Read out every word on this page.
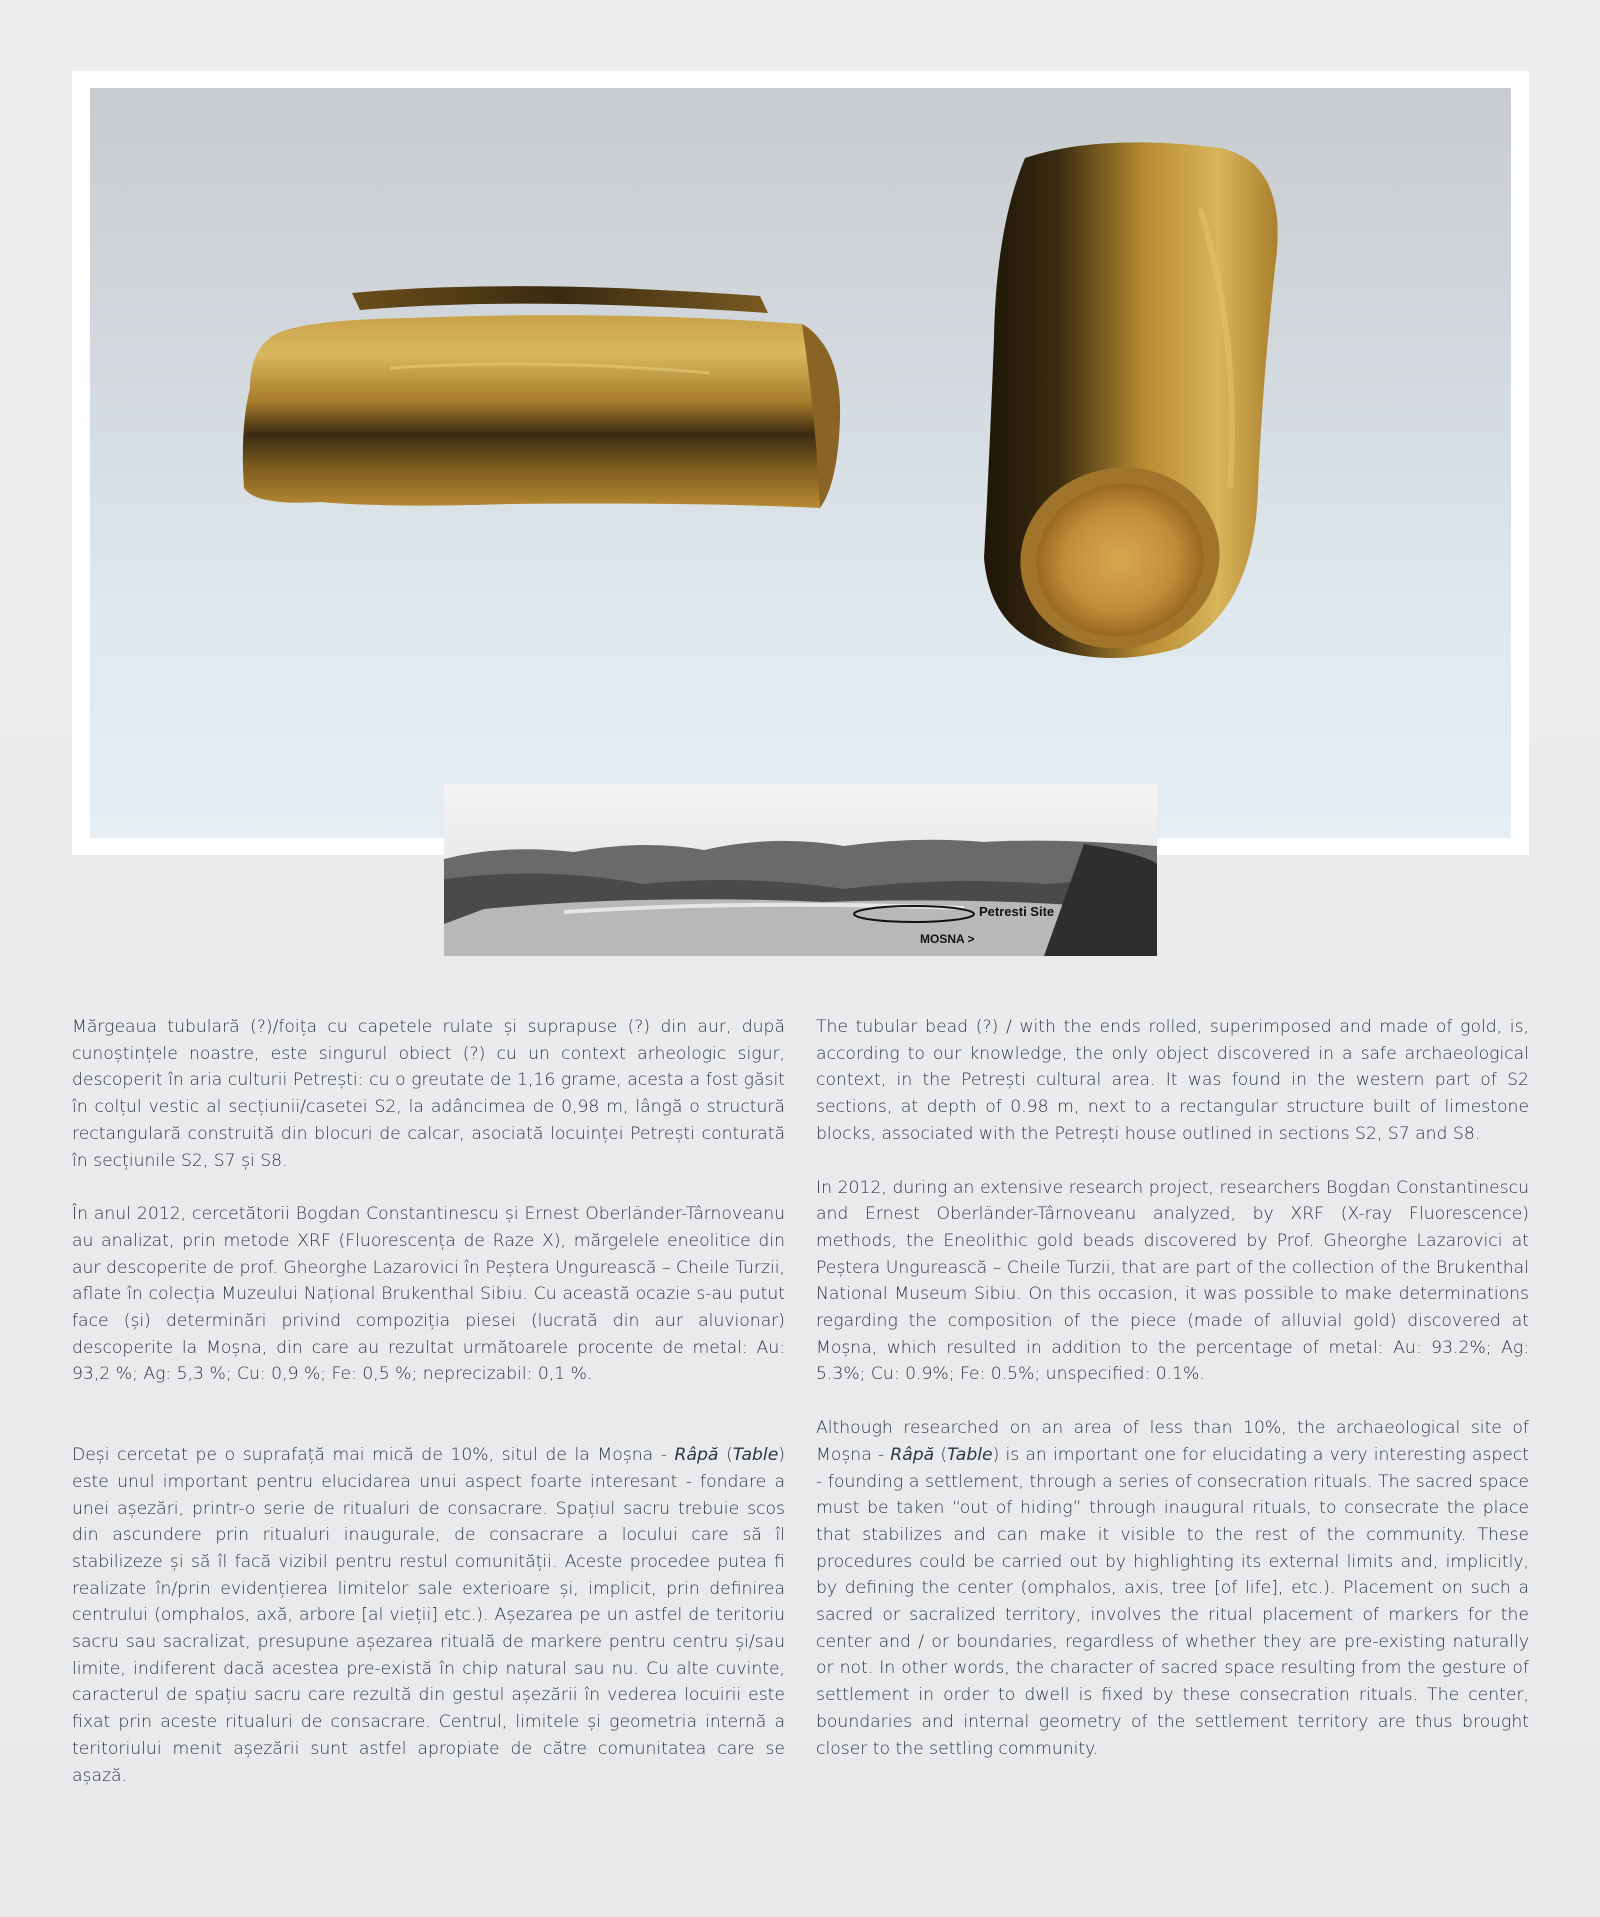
Petresti Site
MOSNA >

Mărgeaua tubulară (?)/foița cu capetele rulate și suprapuse (?) din aur, după cunoștințele noastre, este singurul obiect (?) cu un context arheologic sigur, descoperit în aria culturii Petrești: cu o greutate de 1,16 grame, acesta a fost găsit în colțul vestic al secțiunii/casetei S2, la adâncimea de 0,98 m, lângă o structură rectangulară construită din blocuri de calcar, asociată locuinței Petrești conturată în secțiunile S2, S7 și S8.

În anul 2012, cercetătorii Bogdan Constantinescu și Ernest Oberländer-Târnoveanu au analizat, prin metode XRF (Fluorescența de Raze X), mărgelele eneolitice din aur descoperite de prof. Gheorghe Lazarovici în Peștera Ungurească – Cheile Turzii, aflate în colecția Muzeului Național Brukenthal Sibiu. Cu această ocazie s-au putut face (și) determinări privind compoziția piesei (lucrată din aur aluvionar) descoperite la Moșna, din care au rezultat următoarele procente de metal: Au: 93,2 %; Ag: 5,3 %; Cu: 0,9 %; Fe: 0,5 %; neprecizabil: 0,1 %.

Deși cercetat pe o suprafață mai mică de 10%, situl de la Moșna - Râpă (Table) este unul important pentru elucidarea unui aspect foarte interesant - fondare a unei așezări, printr-o serie de ritualuri de consacrare. Spațiul sacru trebuie scos din ascundere prin ritualuri inaugurale, de consacrare a locului care să îl stabilizeze și să îl facă vizibil pentru restul comunității. Aceste procedee putea fi realizate în/prin evidențierea limitelor sale exterioare și, implicit, prin definirea centrului (omphalos, axă, arbore [al vieții] etc.). Așezarea pe un astfel de teritoriu sacru sau sacralizat, presupune așezarea rituală de markere pentru centru și/sau limite, indiferent dacă acestea pre-există în chip natural sau nu. Cu alte cuvinte, caracterul de spațiu sacru care rezultă din gestul așezării în vederea locuirii este fixat prin aceste ritualuri de consacrare. Centrul, limitele și geometria internă a teritoriului menit așezării sunt astfel apropiate de către comunitatea care se așază.

The tubular bead (?) / with the ends rolled, superimposed and made of gold, is, according to our knowledge, the only object discovered in a safe archaeological context, in the Petrești cultural area. It was found in the western part of S2 sections, at depth of 0.98 m, next to a rectangular structure built of limestone blocks, associated with the Petrești house outlined in sections S2, S7 and S8.

In 2012, during an extensive research project, researchers Bogdan Constantinescu and Ernest Oberländer-Târnoveanu analyzed, by XRF (X-ray Fluorescence) methods, the Eneolithic gold beads discovered by Prof. Gheorghe Lazarovici at Peștera Ungurească – Cheile Turzii, that are part of the collection of the Brukenthal National Museum Sibiu. On this occasion, it was possible to make determinations regarding the composition of the piece (made of alluvial gold) discovered at Moșna, which resulted in addition to the percentage of metal: Au: 93.2%; Ag: 5.3%; Cu: 0.9%; Fe: 0.5%; unspecified: 0.1%.

Although researched on an area of less than 10%, the archaeological site of Moșna - Râpă (Table) is an important one for elucidating a very interesting aspect - founding a settlement, through a series of consecration rituals. The sacred space must be taken “out of hiding” through inaugural rituals, to consecrate the place that stabilizes and can make it visible to the rest of the community. These procedures could be carried out by highlighting its external limits and, implicitly, by defining the center (omphalos, axis, tree [of life], etc.). Placement on such a sacred or sacralized territory, involves the ritual placement of markers for the center and / or boundaries, regardless of whether they are pre-existing naturally or not. In other words, the character of sacred space resulting from the gesture of settlement in order to dwell is fixed by these consecration rituals. The center, boundaries and internal geometry of the settlement territory are thus brought closer to the settling community.
